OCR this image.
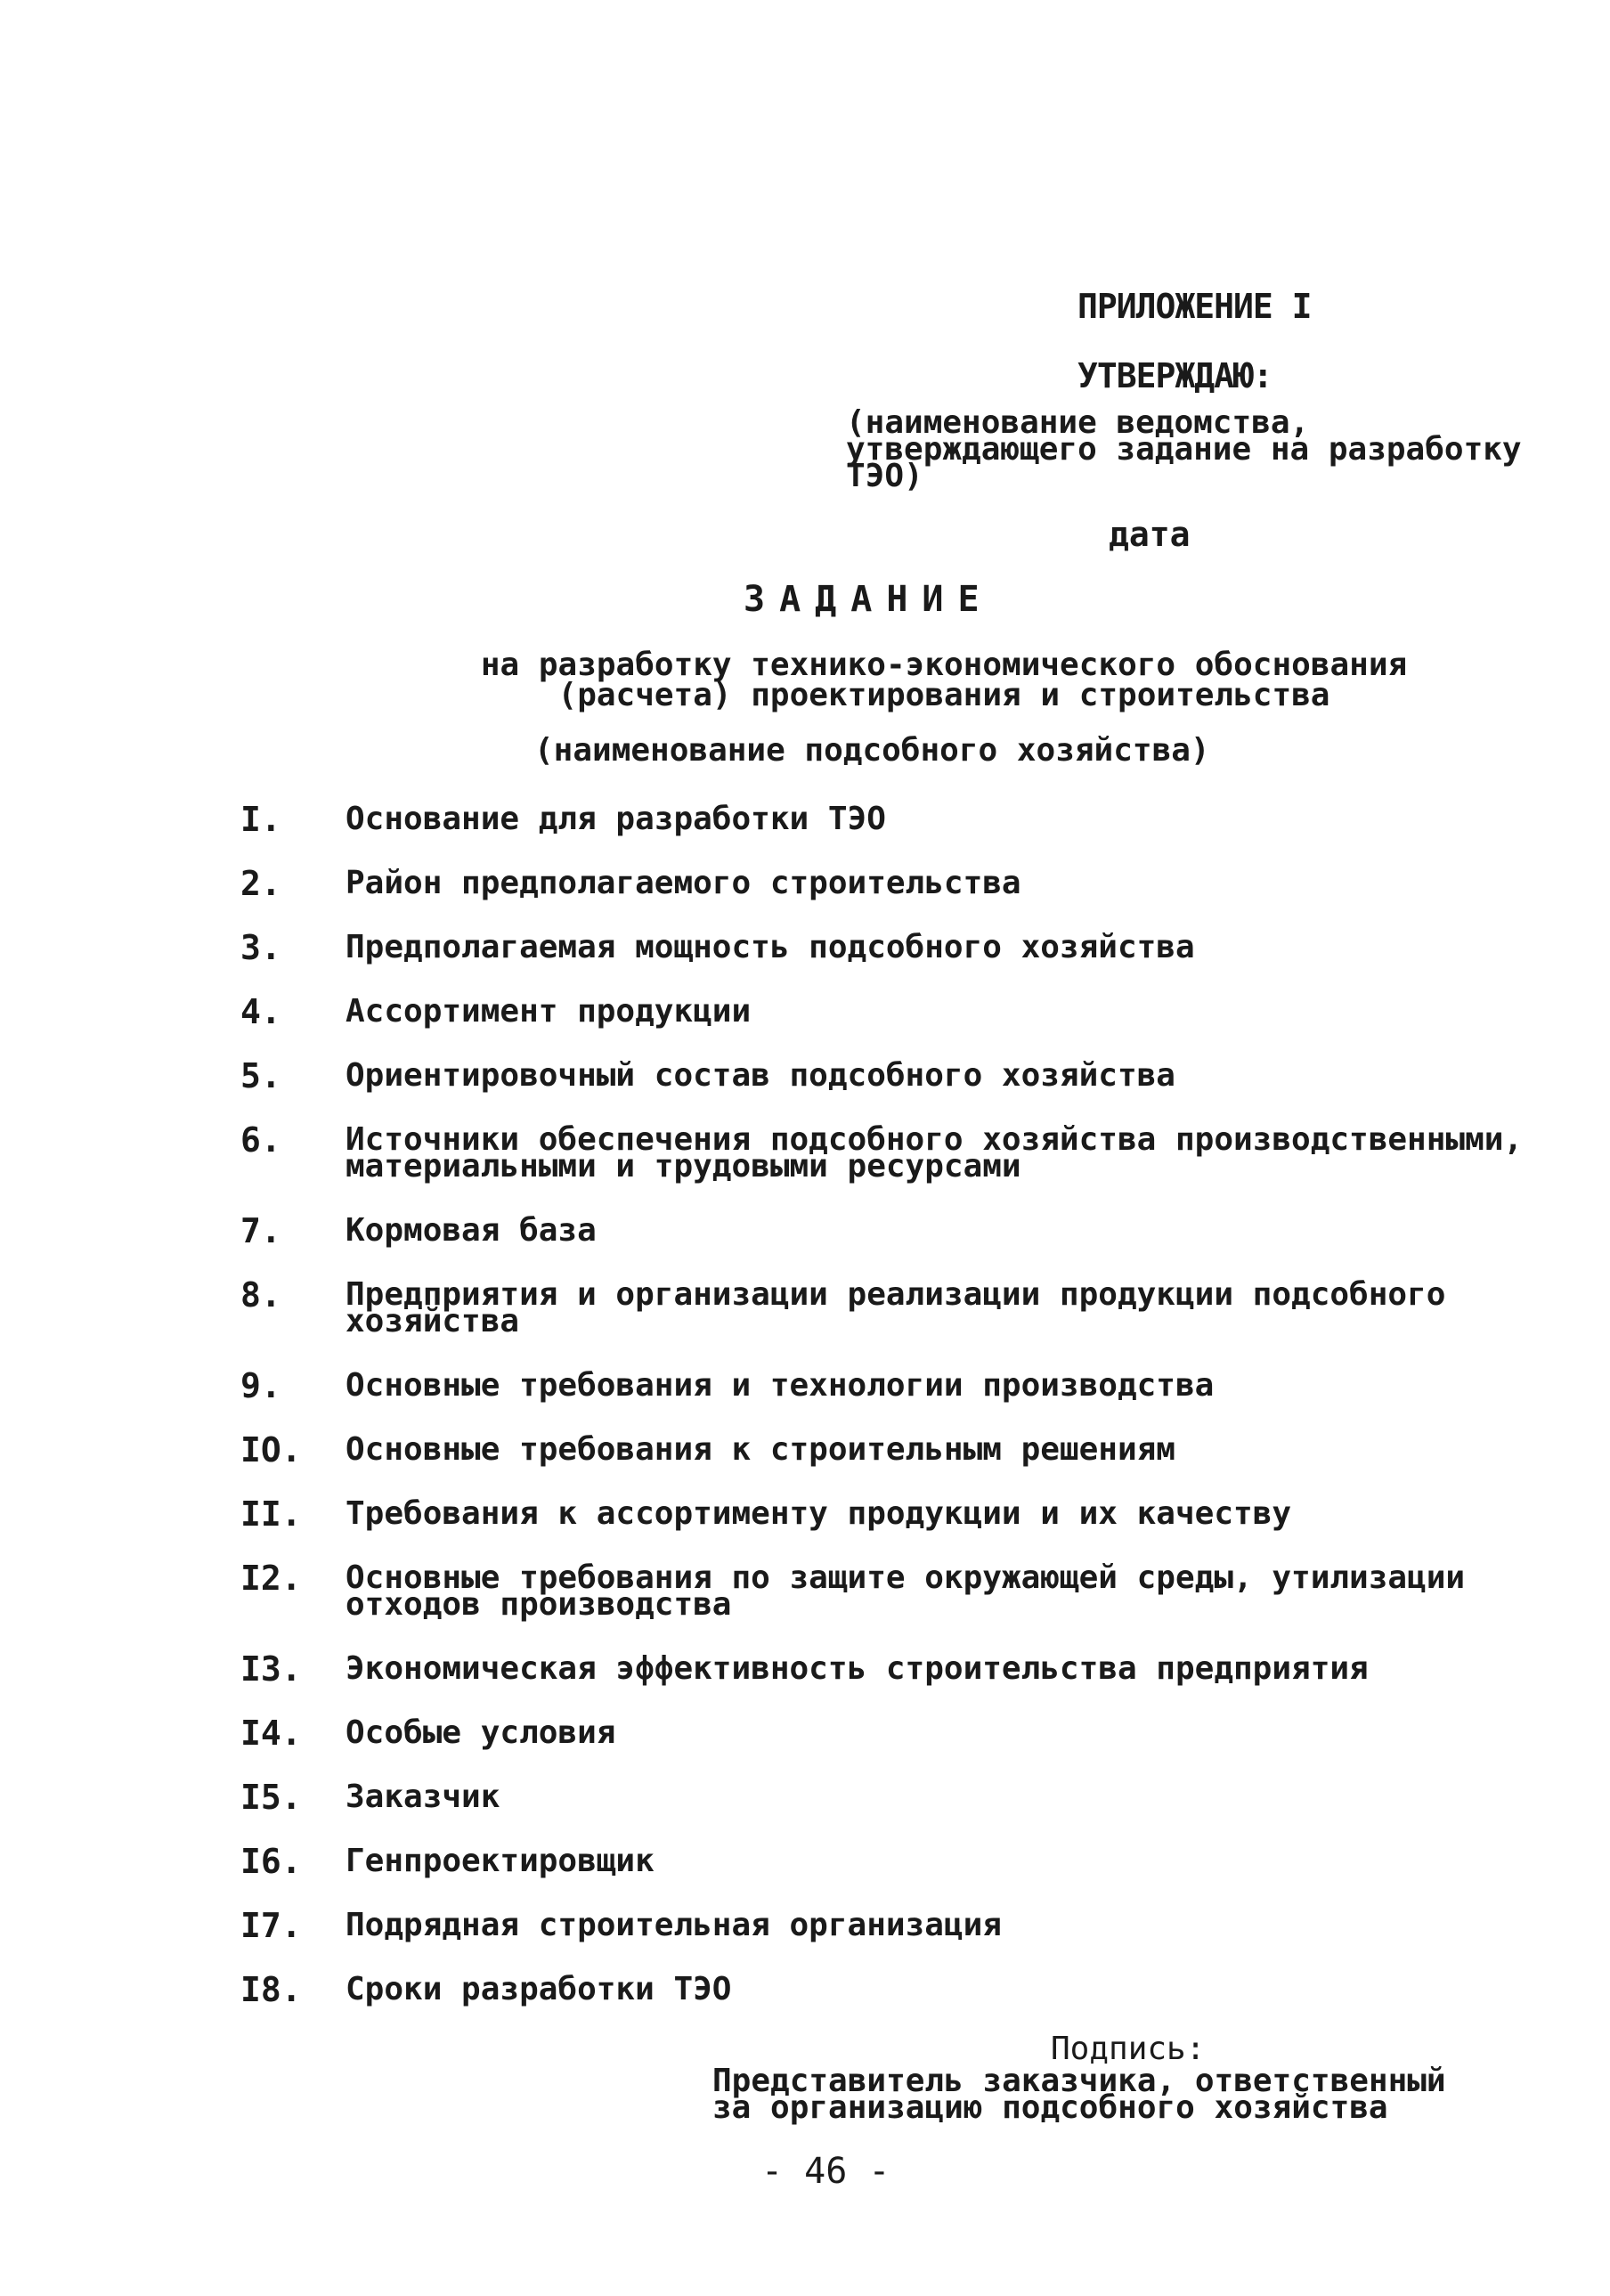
ПРИЛОЖЕНИЕ I
УТВЕРЖДАЮ:
(наименование ведомства, утверждающего задание на разработку ТЭО)
дата
ЗАДАНИЕ
на разработку технико-экономического обоснования (расчета) проектирования и строительства
(наименование подсобного хозяйства)
I.	Основание для разработки ТЭО
2.	Район предполагаемого строительства
3.	Предполагаемая мощность подсобного хозяйства
4.	Ассортимент продукции
5.	Ориентировочный состав подсобного хозяйства
6.	Источники обеспечения подсобного хозяйства производственными, материальными и трудовыми ресурсами
7.	Кормовая база
8.	Предприятия и организации реализации продукции подсобного хозяйства
9.	Основные требования и технологии производства
IO.	Основные требования к строительным решениям
II.	Требования к ассортименту продукции и их качеству
I2.	Основные требования по защите окружающей среды, утилизации отходов производства
I3.	Экономическая эффективность строительства предприятия
I4.	Особые условия
I5.	Заказчик
I6.	Генпроектировщик
I7.	Подрядная строительная организация
I8.	Сроки разработки ТЭО
Подпись:
Представитель заказчика, ответственный за организацию подсобного хозяйства
- 46 -
